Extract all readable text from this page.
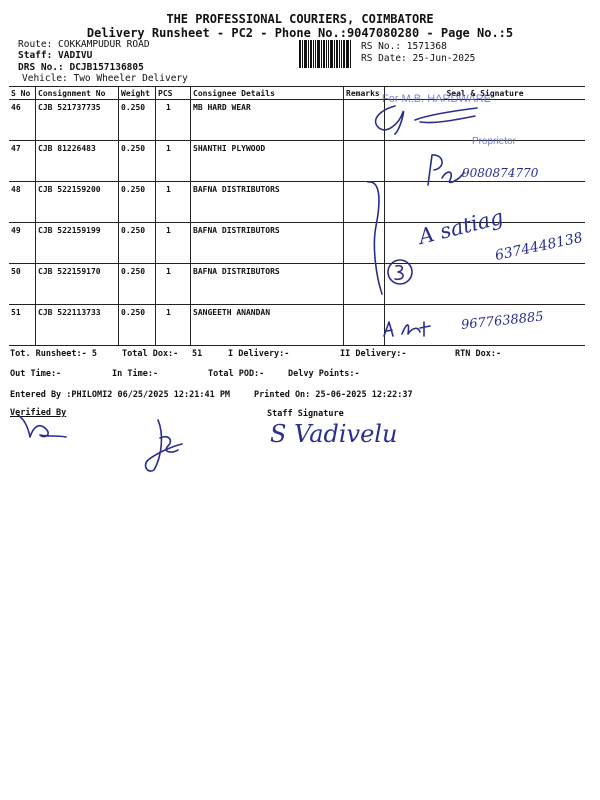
THE PROFESSIONAL COURIERS, COIMBATORE
Delivery Runsheet - PC2 - Phone No.:9047080280 - Page No.:5
Route: COKKAMPUDUR ROAD
Staff: VADIVU
DRS No.: DCJB157136805
Vehicle: Two Wheeler Delivery
RS No.: 1571368
RS Date: 25-Jun-2025
S No	Consignment No	Weight	PCS	Consignee Details	Remarks	Seal & Signature
46	CJB 521737735	0.250	1	MB HARD WEAR		
47	CJB 81226483	0.250	1	SHANTHI PLYWOOD		
48	CJB 522159200	0.250	1	BAFNA DISTRIBUTORS		
49	CJB 522159199	0.250	1	BAFNA DISTRIBUTORS		
50	CJB 522159170	0.250	1	BAFNA DISTRIBUTORS		
51	CJB 522113733	0.250	1	SANGEETH ANANDAN		
Tot. Runsheet:- 5	Total Dox:- 51	I Delivery:-	II Delivery:-	RTN Dox:-
Out Time:-	In Time:-	Total POD:-	Delvy Points:-
Entered By :PHILOMI2 06/25/2025 12:21:41 PM	Printed On: 25-06-2025 12:22:37
Verified By	Staff Signature
For M.B. HARDWARE
Proprietor
9080874770
A satiag
6374448138
9677638885
S Vadivelu
